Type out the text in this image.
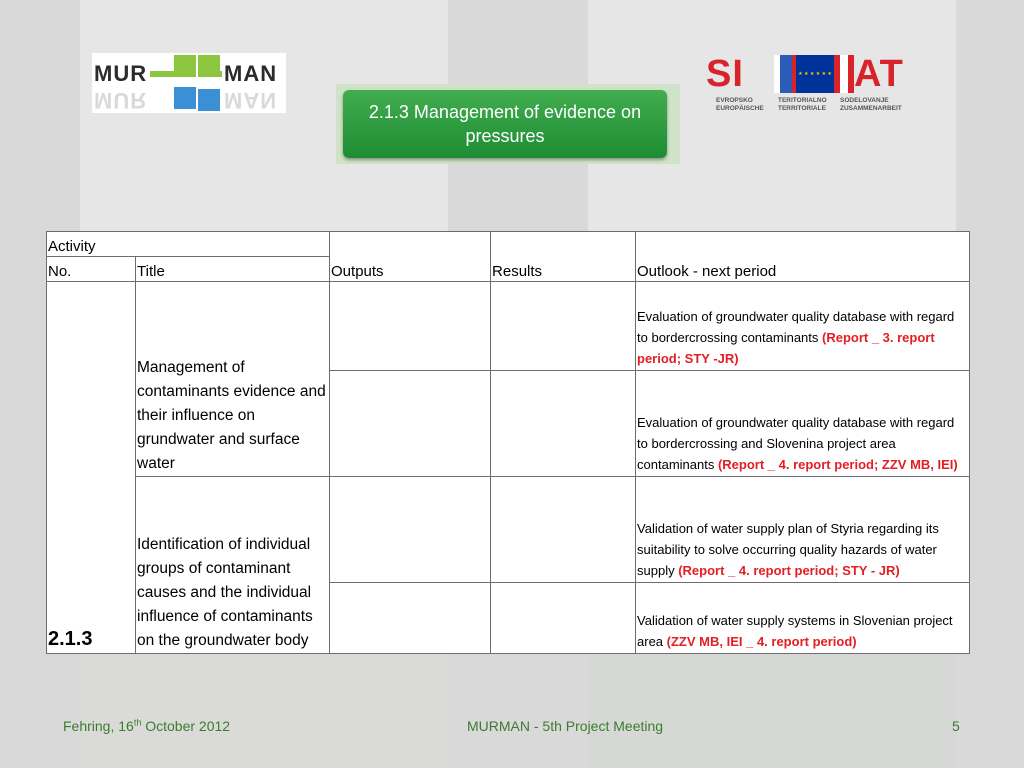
MUR	MAN
MUR	MAN	2.1.3 Management of evidence on
pressures
SI	★ ★ ★ ★ ★ ★ AT
EVROPSKO
EUROPÄISCHE
TERITORIALNO
TERRITORIALE
SODELOVANJE
ZUSAMMENARBEIT
Activity		Outputs	Results	Outlook - next period
No.	Title			
2.1.3	Management of contaminants evidence and their influence on grundwater and surface water			Evaluation of groundwater quality database with regard to bordercrossing contaminants (Report _ 3. report period; STY -JR)
				Evaluation of groundwater quality database with regard to bordercrossing and Slovenina project area contaminants (Report _ 4. report period; ZZV MB, IEI)
	Identification of individual groups of contaminant causes and the individual influence of contaminants on the groundwater body			Validation of water supply plan of Styria regarding its suitability to solve occurring quality hazards of water supply (Report _ 4. report period; STY - JR)
				Validation of water supply systems in Slovenian project area (ZZV MB, IEI _ 4. report period)
Fehring, 16th October 2012	MURMAN - 5th Project Meeting	5
